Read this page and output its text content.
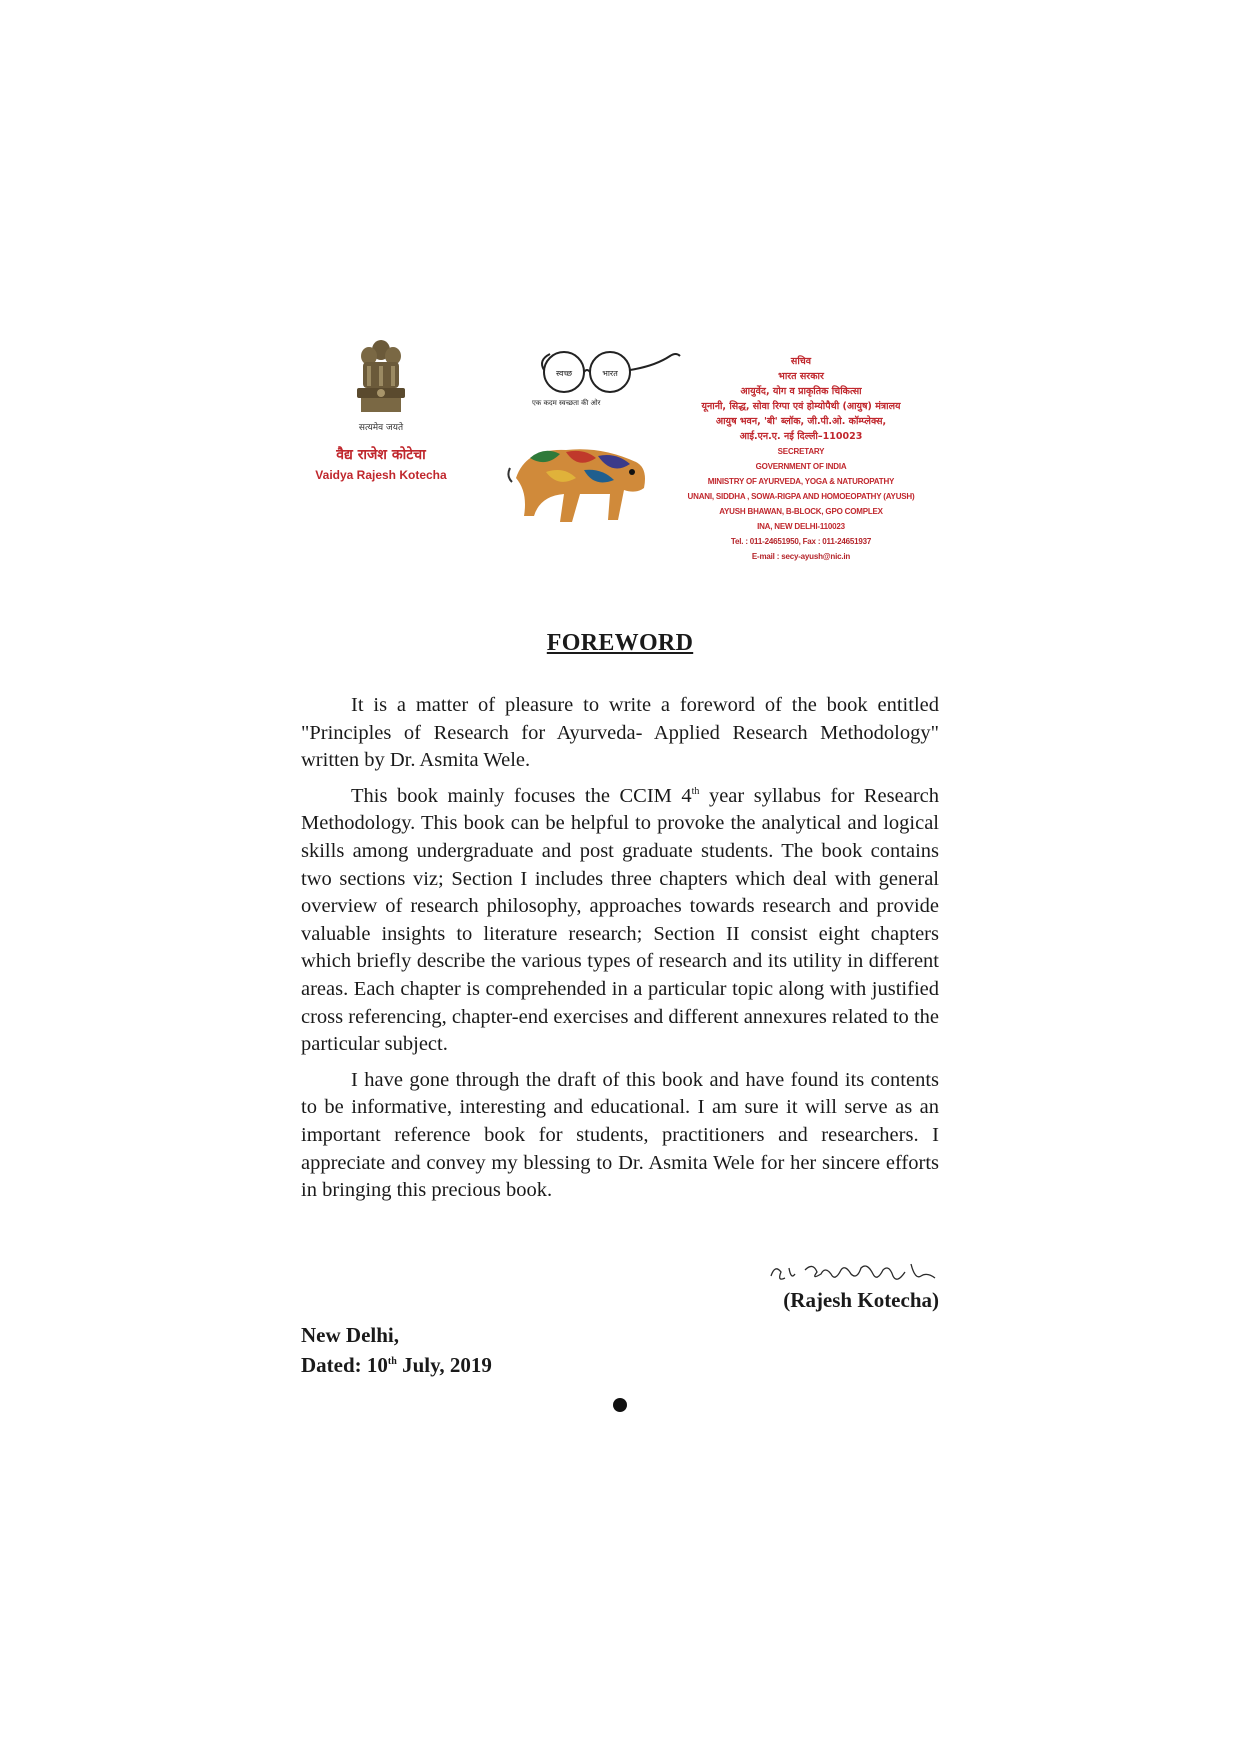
सत्यमेव जयते
वैद्य राजेश कोटेचा
Vaidya Rajesh Kotecha
स्वच्छ	भारत
एक कदम स्वच्छता की ओर
सचिव
भारत सरकार
आयुर्वेद, योग व प्राकृतिक चिकित्सा
यूनानी, सिद्ध, सोवा रिग्पा एवं होम्योपैथी (आयुष) मंत्रालय
आयुष भवन, 'बी' ब्लॉक, जी.पी.ओ. कॉम्प्लेक्स,
आई.एन.ए. नई दिल्ली–110023
SECRETARY
GOVERNMENT OF INDIA
MINISTRY OF AYURVEDA, YOGA & NATUROPATHY
UNANI, SIDDHA , SOWA-RIGPA AND HOMOEOPATHY (AYUSH)
AYUSH BHAWAN, B-BLOCK, GPO COMPLEX
INA, NEW DELHI-110023
Tel. : 011-24651950, Fax : 011-24651937
E-mail : secy-ayush@nic.in
FOREWORD

It is a matter of pleasure to write a foreword of the book entitled "Principles of Research for Ayurveda- Applied Research Methodology" written by Dr. Asmita Wele.

This book mainly focuses the CCIM 4th year syllabus for Research Methodology. This book can be helpful to provoke the analytical and logical skills among undergraduate and post graduate students. The book contains two sections viz; Section I includes three chapters which deal with general overview of research philosophy, approaches towards research and provide valuable insights to literature research; Section II consist eight chapters which briefly describe the various types of research and its utility in different areas. Each chapter is comprehended in a particular topic along with justified cross referencing, chapter-end exercises and different annexures related to the particular subject.

I have gone through the draft of this book and have found its contents to be informative, interesting and educational. I am sure it will serve as an important reference book for students, practitioners and researchers. I appreciate and convey my blessing to Dr. Asmita Wele for her sincere efforts in bringing this precious book.

(Rajesh Kotecha)
New Delhi,
Dated: 10th July, 2019
